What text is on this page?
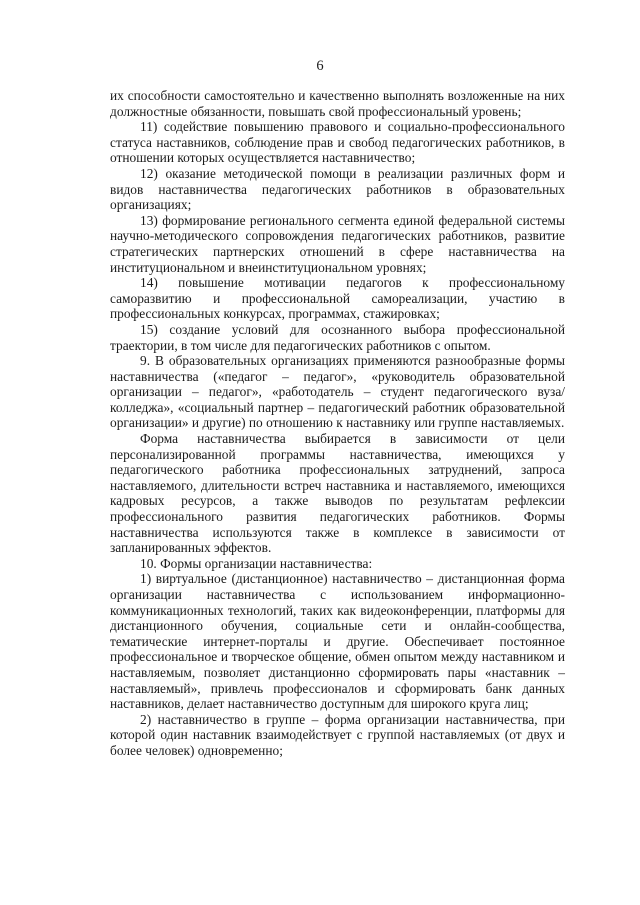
6

их способности самостоятельно и качественно выполнять возложенные на них должностные обязанности, повышать свой профессиональный уровень;

11) содействие повышению правового и социально-профессионального статуса наставников, соблюдение прав и свобод педагогических работников, в отношении которых осуществляется наставничество;

12) оказание методической помощи в реализации различных форм и видов наставничества педагогических работников в образовательных организациях;

13) формирование регионального сегмента единой федеральной системы научно-методического сопровождения педагогических работников, развитие стратегических партнерских отношений в сфере наставничества на институциональном и внеинституциональном уровнях;

14) повышение мотивации педагогов к профессиональному саморазвитию и профессиональной самореализации, участию в профессиональных конкурсах, программах, стажировках;

15) создание условий для осознанного выбора профессиональной траектории, в том числе для педагогических работников с опытом.

9. В образовательных организациях применяются разнообразные формы наставничества («педагог – педагог», «руководитель образовательной организации – педагог», «работодатель – студент педагогического вуза/колледжа», «социальный партнер – педагогический работник образовательной организации» и другие) по отношению к наставнику или группе наставляемых.

Форма наставничества выбирается в зависимости от цели персонализированной программы наставничества, имеющихся у педагогического работника профессиональных затруднений, запроса наставляемого, длительности встреч наставника и наставляемого, имеющихся кадровых ресурсов, а также выводов по результатам рефлексии профессионального развития педагогических работников. Формы наставничества используются также в комплексе в зависимости от запланированных эффектов.

10. Формы организации наставничества:

1) виртуальное (дистанционное) наставничество – дистанционная форма организации наставничества с использованием информационно-коммуникационных технологий, таких как видеоконференции, платформы для дистанционного обучения, социальные сети и онлайн-сообщества, тематические интернет-порталы и другие. Обеспечивает постоянное профессиональное и творческое общение, обмен опытом между наставником и наставляемым, позволяет дистанционно сформировать пары «наставник – наставляемый», привлечь профессионалов и сформировать банк данных наставников, делает наставничество доступным для широкого круга лиц;

2) наставничество в группе – форма организации наставничества, при которой один наставник взаимодействует с группой наставляемых (от двух и более человек) одновременно;
